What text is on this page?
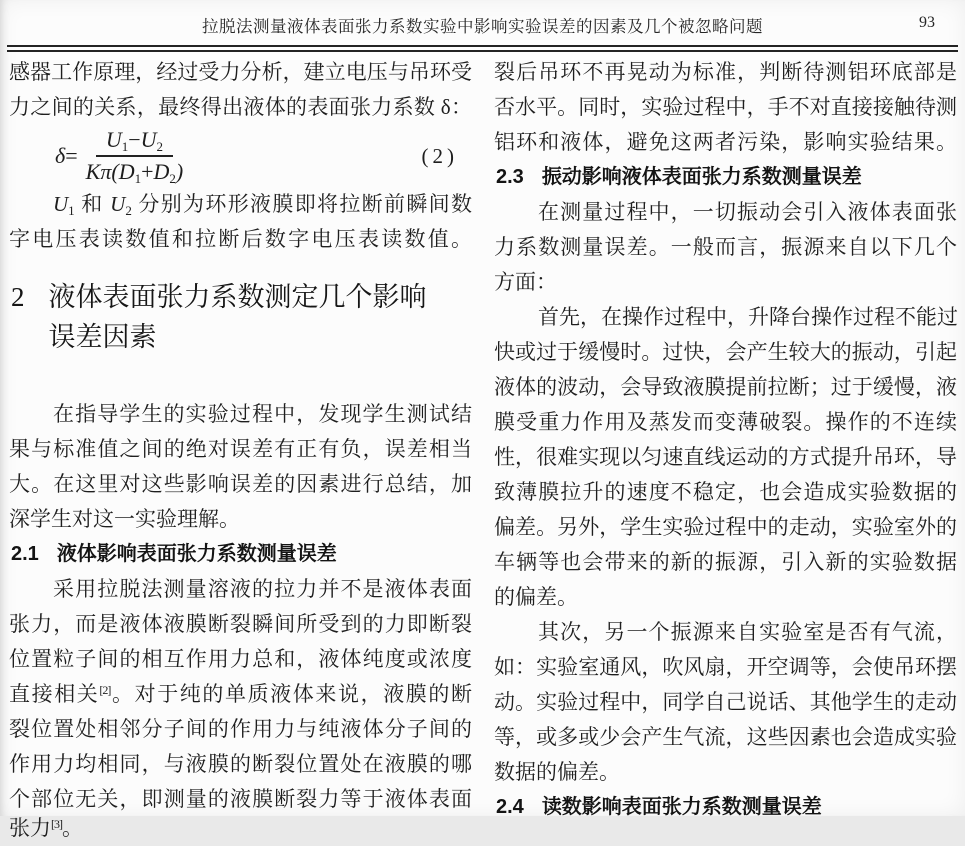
拉脱法测量液体表面张力系数实验中影响实验误差的因素及几个被忽略问题	93
感器工作原理，经过受力分析，建立电压与吊环受
力之间的关系，最终得出液体的表面张力系数 δ：
$\delta = \frac{U_1-U_2}{K\pi(D_1+D_2)}$	(2)
$U_1$ 和 $U_2$ 分别为环形液膜即将拉断前瞬间数
字电压表读数值和拉断后数字电压表读数值。
2 液体表面张力系数测定几个影响
误差因素
在指导学生的实验过程中，发现学生测试结
果与标准值之间的绝对误差有正有负，误差相当
大。在这里对这些影响误差的因素进行总结，加
深学生对这一实验理解。
2.1 液体影响表面张力系数测量误差
采用拉脱法测量溶液的拉力并不是液体表面
张力，而是液体液膜断裂瞬间所受到的力即断裂
位置粒子间的相互作用力总和，液体纯度或浓度
直接相关[2]。对于纯的单质液体来说，液膜的断
裂位置处相邻分子间的作用力与纯液体分子间的
作用力均相同，与液膜的断裂位置处在液膜的哪
个部位无关，即测量的液膜断裂力等于液体表面
张力[3]。
裂后吊环不再晃动为标准，判断待测铝环底部是
否水平。同时，实验过程中，手不对直接接触待测
铝环和液体，避免这两者污染，影响实验结果。
2.3 振动影响液体表面张力系数测量误差
在测量过程中，一切振动会引入液体表面张
力系数测量误差。一般而言，振源来自以下几个
方面：
首先，在操作过程中，升降台操作过程不能过
快或过于缓慢时。过快，会产生较大的振动，引起
液体的波动，会导致液膜提前拉断；过于缓慢，液
膜受重力作用及蒸发而变薄破裂。操作的不连续
性，很难实现以匀速直线运动的方式提升吊环，导
致薄膜拉升的速度不稳定，也会造成实验数据的
偏差。另外，学生实验过程中的走动，实验室外的
车辆等也会带来的新的振源，引入新的实验数据
的偏差。
其次，另一个振源来自实验室是否有气流，
如：实验室通风，吹风扇，开空调等，会使吊环摆
动。实验过程中，同学自己说话、其他学生的走动
等，或多或少会产生气流，这些因素也会造成实验
数据的偏差。
2.4 读数影响表面张力系数测量误差
